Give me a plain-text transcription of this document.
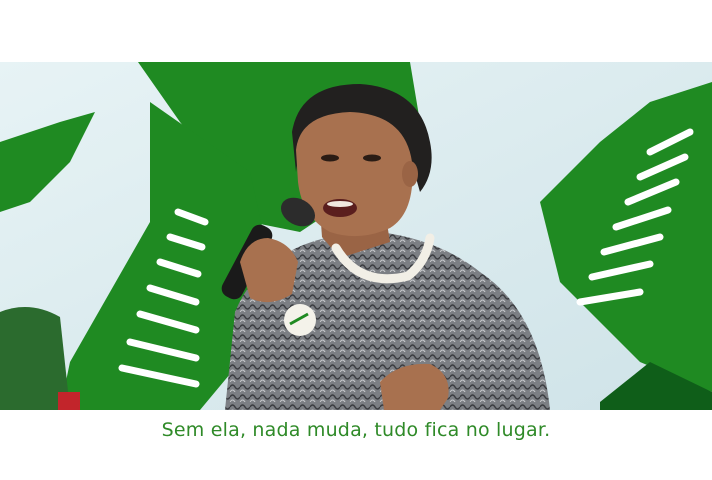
Sem ela, nada muda, tudo fica no lugar.
